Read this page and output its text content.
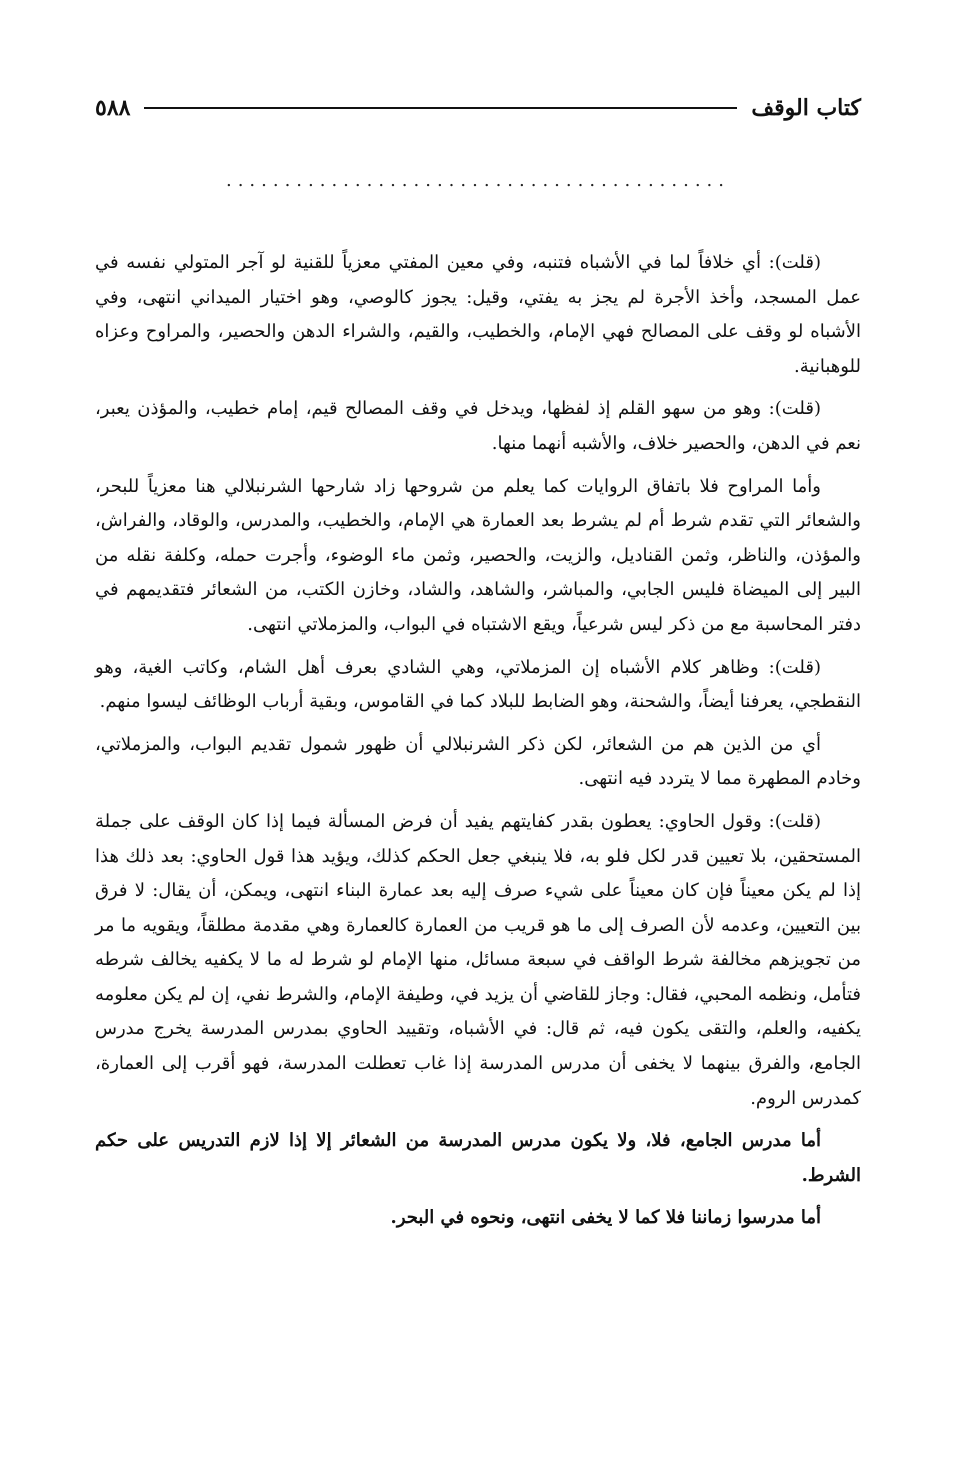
٥٨٨	كتاب الوقف
...........................................

(قلت): أي خلافاً لما في الأشباه فتنبه، وفي معين المفتي معزياً للقنية لو آجر المتولي نفسه في عمل المسجد، وأخذ الأجرة لم يجز به يفتي، وقيل: يجوز كالوصي، وهو اختيار الميداني انتهى، وفي الأشباه لو وقف على المصالح فهي الإمام، والخطيب، والقيم، والشراء الدهن والحصير، والمراوح وعزاه للوهبانية.

(قلت): وهو من سهو القلم إذ لفظها، ويدخل في وقف المصالح قيم، إمام خطيب، والمؤذن يعبر، نعم في الدهن، والحصير خلاف، والأشبه أنهما منها.

وأما المراوح فلا باتفاق الروايات كما يعلم من شروحها زاد شارحها الشرنبلالي هنا معزياً للبحر، والشعائر التي تقدم شرط أم لم يشرط بعد العمارة هي الإمام، والخطيب، والمدرس، والوقاد، والفراش، والمؤذن، والناظر، وثمن القناديل، والزيت، والحصير، وثمن ماء الوضوء، وأجرت حمله، وكلفة نقله من البير إلى الميضاة فليس الجابي، والمباشر، والشاهد، والشاد، وخازن الكتب، من الشعائر فتقديمهم في دفتر المحاسبة مع من ذكر ليس شرعياً، ويقع الاشتباه في البواب، والمزملاتي انتهى.

(قلت): وظاهر كلام الأشباه إن المزملاتي، وهي الشادي بعرف أهل الشام، وكاتب الغية، وهو النقطجي، يعرفنا أيضاً، والشحنة، وهو الضابط للبلاد كما في القاموس، وبقية أرباب الوظائف ليسوا منهم.

أي من الذين هم من الشعائر، لكن ذكر الشرنبلالي أن ظهور شمول تقديم البواب، والمزملاتي، وخادم المطهرة مما لا يتردد فيه انتهى.

(قلت): وقول الحاوي: يعطون بقدر كفايتهم يفيد أن فرض المسألة فيما إذا كان الوقف على جملة المستحقين، بلا تعيين قدر لكل فلو به، فلا ينبغي جعل الحكم كذلك، ويؤيد هذا قول الحاوي: بعد ذلك هذا إذا لم يكن معيناً فإن كان معيناً على شيء صرف إليه بعد عمارة البناء انتهى، ويمكن، أن يقال: لا فرق بين التعيين، وعدمه لأن الصرف إلى ما هو قريب من العمارة كالعمارة وهي مقدمة مطلقاً، ويقويه ما مر من تجويزهم مخالفة شرط الواقف في سبعة مسائل، منها الإمام لو شرط له ما لا يكفيه يخالف شرطه فتأمل، ونظمه المحبي، فقال: وجاز للقاضي أن يزيد في، وطيفة الإمام، والشرط نفي، إن لم يكن معلومه يكفيه، والعلم، والتقى يكون فيه، ثم قال: في الأشباه، وتقييد الحاوي بمدرس المدرسة يخرج مدرس الجامع، والفرق بينهما لا يخفى أن مدرس المدرسة إذا غاب تعطلت المدرسة، فهو أقرب إلى العمارة، كمدرس الروم.

أما مدرس الجامع، فلا، ولا يكون مدرس المدرسة من الشعائر إلا إذا لازم التدريس على حكم الشرط.

أما مدرسوا زماننا فلا كما لا يخفى انتهى، ونحوه في البحر.
